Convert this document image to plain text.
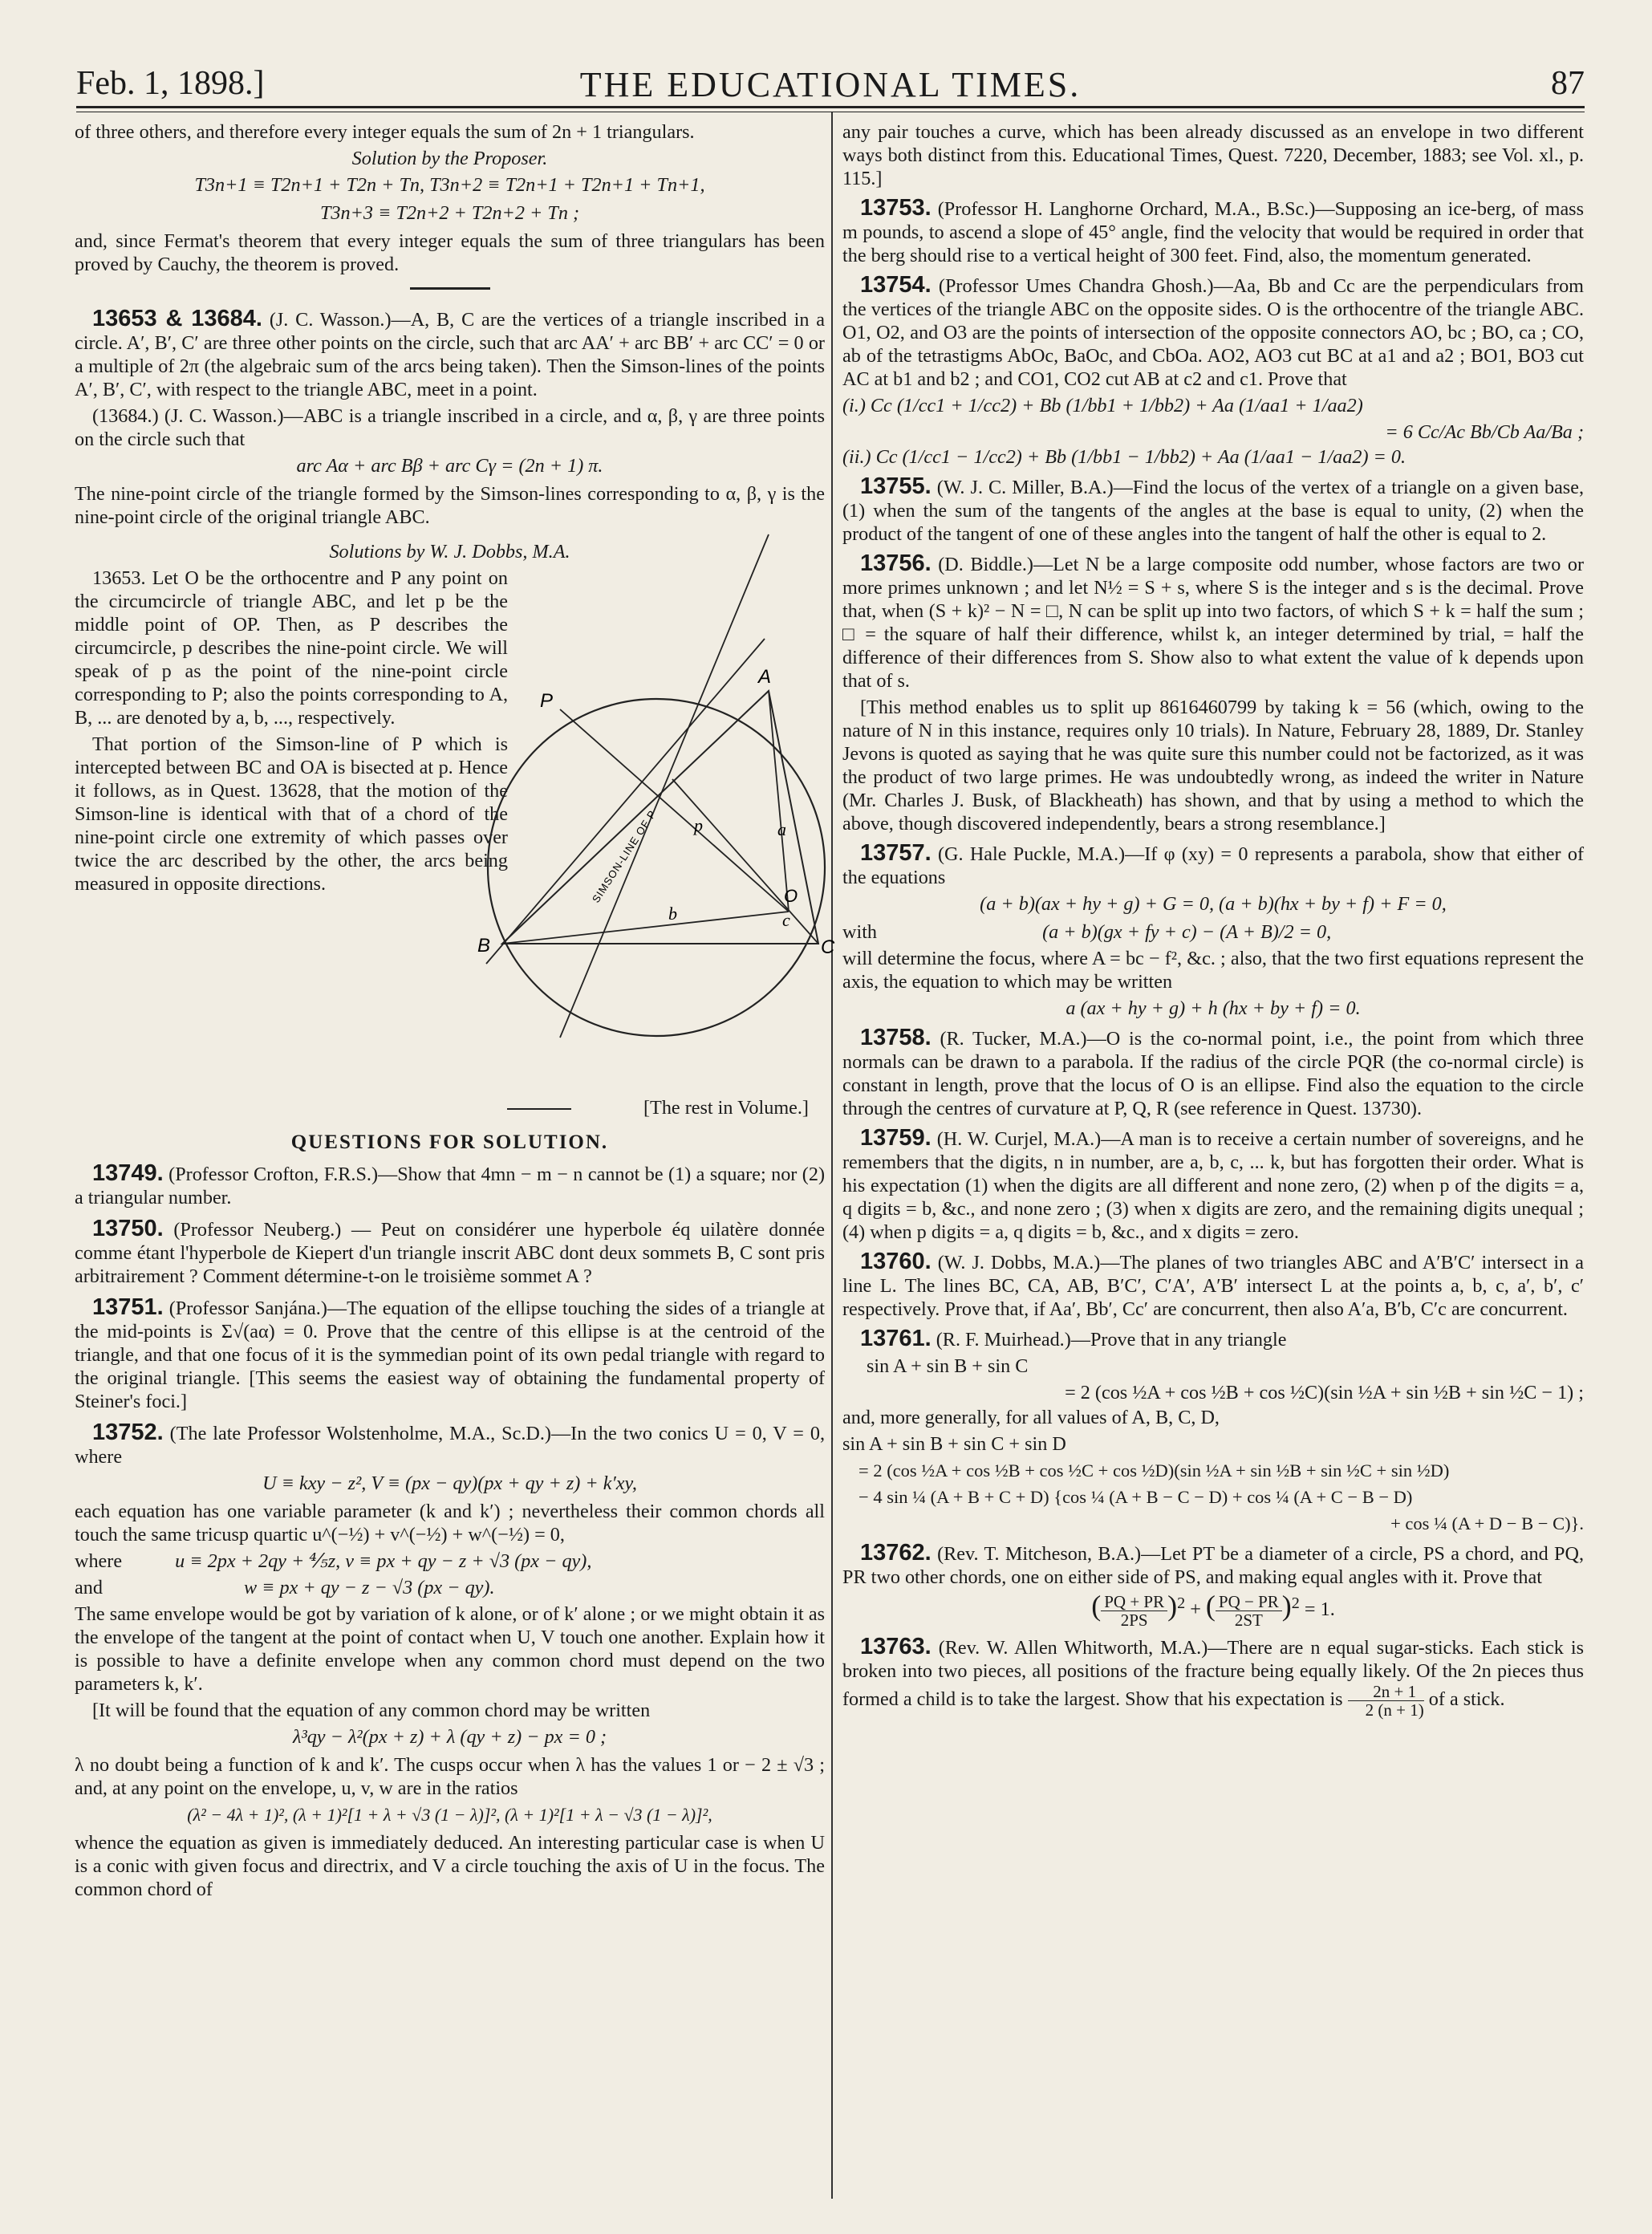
Feb. 1, 1898.]	THE EDUCATIONAL TIMES.	87

of three others, and therefore every integer equals the sum of 2n + 1 triangulars.

Solution by the Proposer.

T3n+1 ≡ T2n+1 + T2n + Tn, T3n+2 ≡ T2n+1 + T2n+1 + Tn+1,

T3n+3 ≡ T2n+2 + T2n+2 + Tn ;

and, since Fermat's theorem that every integer equals the sum of three triangulars has been proved by Cauchy, the theorem is proved.

13653 & 13684. (J. C. Wasson.)—A, B, C are the vertices of a triangle inscribed in a circle. A′, B′, C′ are three other points on the circle, such that arc AA′ + arc BB′ + arc CC′ = 0 or a multiple of 2π (the algebraic sum of the arcs being taken). Then the Simson-lines of the points A′, B′, C′, with respect to the triangle ABC, meet in a point.

(13684.) (J. C. Wasson.)—ABC is a triangle inscribed in a circle, and α, β, γ are three points on the circle such that

arc Aα + arc Bβ + arc Cγ = (2n + 1) π.

The nine-point circle of the triangle formed by the Simson-lines corresponding to α, β, γ is the nine-point circle of the original triangle ABC.

Solutions by W. J. Dobbs, M.A.

13653. Let O be the orthocentre and P any point on the circumcircle of triangle ABC, and let p be the middle point of OP. Then, as P describes the circumcircle, p describes the nine-point circle. We will speak of p as the point of the nine-point circle corresponding to P; also the points corresponding to A, B, ... are denoted by a, b, ..., respectively.

That portion of the Simson-line of P which is intercepted between BC and OA is bisected at p. Hence it follows, as in Quest. 13628, that the motion of the Simson-line is identical with that of a chord of the nine-point circle one extremity of which passes over twice the arc described by the other, the arcs being measured in opposite directions.

A
B	C
P
O
p	a
b	c
SIMSON-LINE OF P

[The rest in Volume.]

QUESTIONS FOR SOLUTION.

13749. (Professor Crofton, F.R.S.)—Show that 4mn − m − n cannot be (1) a square; nor (2) a triangular number.

13750. (Professor Neuberg.) — Peut on considérer une hyperbole éq uilatère donnée comme étant l'hyperbole de Kiepert d'un triangle inscrit ABC dont deux sommets B, C sont pris arbitrairement ? Comment détermine-t-on le troisième sommet A ?

13751. (Professor Sanjána.)—The equation of the ellipse touching the sides of a triangle at the mid-points is Σ√(aα) = 0. Prove that the centre of this ellipse is at the centroid of the triangle, and that one focus of it is the symmedian point of its own pedal triangle with regard to the original triangle. [This seems the easiest way of obtaining the fundamental property of Steiner's foci.]

13752. (The late Professor Wolstenholme, M.A., Sc.D.)—In the two conics U = 0, V = 0, where

U ≡ kxy − z², V ≡ (px − qy)(px + qy + z) + k′xy,

each equation has one variable parameter (k and k′) ; nevertheless their common chords all touch the same tricusp quartic u^(−½) + v^(−½) + w^(−½) = 0,

where	u ≡ 2px + 2qy + ⅘z, v ≡ px + qy − z + √3 (px − qy),

and	w ≡ px + qy − z − √3 (px − qy).

The same envelope would be got by variation of k alone, or of k′ alone ; or we might obtain it as the envelope of the tangent at the point of contact when U, V touch one another. Explain how it is possible to have a definite envelope when any common chord must depend on the two parameters k, k′.

[It will be found that the equation of any common chord may be written

λ³qy − λ²(px + z) + λ (qy + z) − px = 0 ;

λ no doubt being a function of k and k′. The cusps occur when λ has the values 1 or − 2 ± √3 ; and, at any point on the envelope, u, v, w are in the ratios

(λ² − 4λ + 1)², (λ + 1)²[1 + λ + √3 (1 − λ)]², (λ + 1)²[1 + λ − √3 (1 − λ)]²,

whence the equation as given is immediately deduced. An interesting particular case is when U is a conic with given focus and directrix, and V a circle touching the axis of U in the focus. The common chord of

any pair touches a curve, which has been already discussed as an envelope in two different ways both distinct from this. Educational Times, Quest. 7220, December, 1883; see Vol. xl., p. 115.]

13753. (Professor H. Langhorne Orchard, M.A., B.Sc.)—Supposing an ice-berg, of mass m pounds, to ascend a slope of 45° angle, find the velocity that would be required in order that the berg should rise to a vertical height of 300 feet. Find, also, the momentum generated.

13754. (Professor Umes Chandra Ghosh.)—Aa, Bb and Cc are the perpendiculars from the vertices of the triangle ABC on the opposite sides. O is the orthocentre of the triangle ABC. O1, O2, and O3 are the points of intersection of the opposite connectors AO, bc ; BO, ca ; CO, ab of the tetrastigms AbOc, BaOc, and CbOa. AO2, AO3 cut BC at a1 and a2 ; BO1, BO3 cut AC at b1 and b2 ; and CO1, CO2 cut AB at c2 and c1. Prove that

(i.) Cc (1/cc1 + 1/cc2) + Bb (1/bb1 + 1/bb2) + Aa (1/aa1 + 1/aa2)

= 6 Cc/Ac Bb/Cb Aa/Ba ;

(ii.) Cc (1/cc1 − 1/cc2) + Bb (1/bb1 − 1/bb2) + Aa (1/aa1 − 1/aa2) = 0.

13755. (W. J. C. Miller, B.A.)—Find the locus of the vertex of a triangle on a given base, (1) when the sum of the tangents of the angles at the base is equal to unity, (2) when the product of the tangent of one of these angles into the tangent of half the other is equal to 2.

13756. (D. Biddle.)—Let N be a large composite odd number, whose factors are two or more primes unknown ; and let N½ = S + s, where S is the integer and s is the decimal. Prove that, when (S + k)² − N = □, N can be split up into two factors, of which S + k = half the sum ; □ = the square of half their difference, whilst k, an integer determined by trial, = half the difference of their differences from S. Show also to what extent the value of k depends upon that of s.

[This method enables us to split up 8616460799 by taking k = 56 (which, owing to the nature of N in this instance, requires only 10 trials). In Nature, February 28, 1889, Dr. Stanley Jevons is quoted as saying that he was quite sure this number could not be factorized, as it was the product of two large primes. He was undoubtedly wrong, as indeed the writer in Nature (Mr. Charles J. Busk, of Blackheath) has shown, and that by using a method to which the above, though discovered independently, bears a strong resemblance.]

13757. (G. Hale Puckle, M.A.)—If φ (xy) = 0 represents a parabola, show that either of the equations

(a + b)(ax + hy + g) + G = 0, (a + b)(hx + by + f) + F = 0,

with	(a + b)(gx + fy + c) − (A + B)/2 = 0,

will determine the focus, where A = bc − f², &c. ; also, that the two first equations represent the axis, the equation to which may be written

a (ax + hy + g) + h (hx + by + f) = 0.

13758. (R. Tucker, M.A.)—O is the co-normal point, i.e., the point from which three normals can be drawn to a parabola. If the radius of the circle PQR (the co-normal circle) is constant in length, prove that the locus of O is an ellipse. Find also the equation to the circle through the centres of curvature at P, Q, R (see reference in Quest. 13730).

13759. (H. W. Curjel, M.A.)—A man is to receive a certain number of sovereigns, and he remembers that the digits, n in number, are a, b, c, ... k, but has forgotten their order. What is his expectation (1) when the digits are all different and none zero, (2) when p of the digits = a, q digits = b, &c., and none zero ; (3) when x digits are zero, and the remaining digits unequal ; (4) when p digits = a, q digits = b, &c., and x digits = zero.

13760. (W. J. Dobbs, M.A.)—The planes of two triangles ABC and A′B′C′ intersect in a line L. The lines BC, CA, AB, B′C′, C′A′, A′B′ intersect L at the points a, b, c, a′, b′, c′ respectively. Prove that, if Aa′, Bb′, Cc′ are concurrent, then also A′a, B′b, C′c are concurrent.

13761. (R. F. Muirhead.)—Prove that in any triangle

sin A + sin B + sin C

= 2 (cos ½A + cos ½B + cos ½C)(sin ½A + sin ½B + sin ½C − 1) ;

and, more generally, for all values of A, B, C, D,

sin A + sin B + sin C + sin D

= 2 (cos ½A + cos ½B + cos ½C + cos ½D)(sin ½A + sin ½B + sin ½C + sin ½D)

− 4 sin ¼ (A + B + C + D) {cos ¼ (A + B − C − D) + cos ¼ (A + C − B − D)

+ cos ¼ (A + D − B − C)}.

13762. (Rev. T. Mitcheson, B.A.)—Let PT be a diameter of a circle, PS a chord, and PQ, PR two other chords, one on either side of PS, and making equal angles with it. Prove that

( $\frac{PQ + PR}{2PS} )^2$ + ( $\frac{PQ - PR}{2ST} )^2 = 1$.

13763. (Rev. W. Allen Whitworth, M.A.)—There are n equal sugar-sticks. Each stick is broken into two pieces, all positions of the fracture being equally likely. Of the 2n pieces thus formed a child is to take the largest. Show that his expectation is $\frac{2n + 1}{2 (n + 1)}$ of a stick.
